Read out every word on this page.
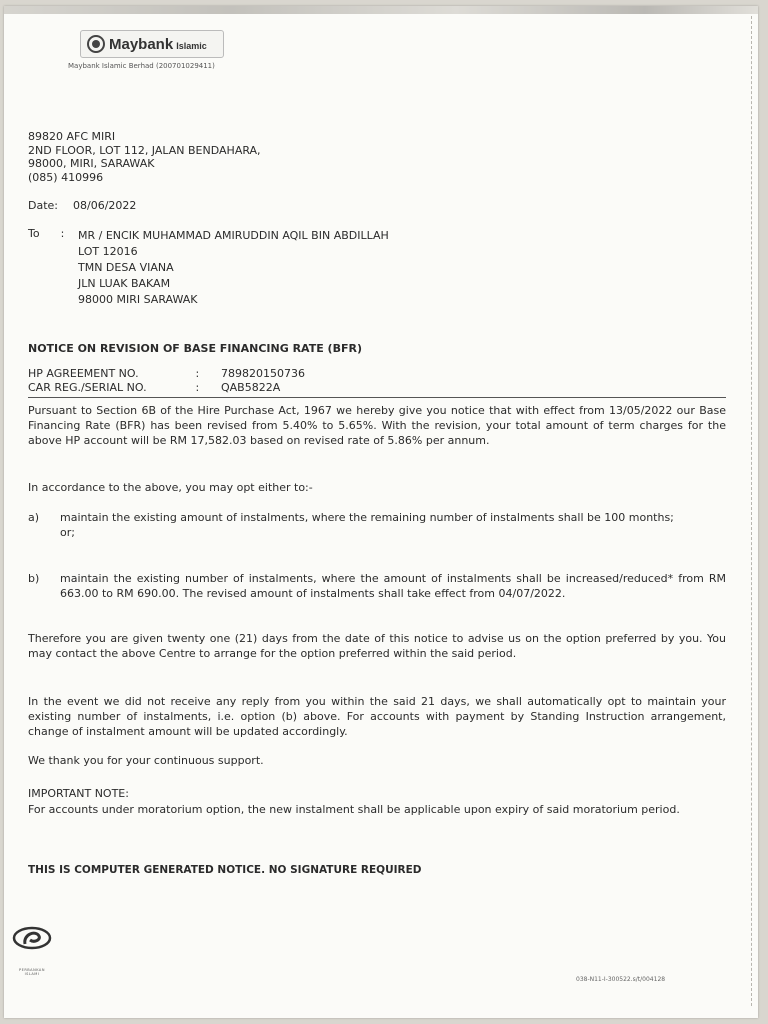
Maybank Islamic
Maybank Islamic Berhad (200701029411)
89820 AFC MIRI
2ND FLOOR, LOT 112, JALAN BENDAHARA,
98000, MIRI, SARAWAK
(085) 410996
Date: 08/06/2022
To : MR / ENCIK MUHAMMAD AMIRUDDIN AQIL BIN ABDILLAH
LOT 12016
TMN DESA VIANA
JLN LUAK BAKAM
98000 MIRI SARAWAK
NOTICE ON REVISION OF BASE FINANCING RATE (BFR)
HP AGREEMENT NO.	: 789820150736
CAR REG./SERIAL NO.	: QAB5822A
Pursuant to Section 6B of the Hire Purchase Act, 1967 we hereby give you notice that with effect from 13/05/2022 our Base Financing Rate (BFR) has been revised from 5.40% to 5.65%. With the revision, your total amount of term charges for the above HP account will be RM 17,582.03 based on revised rate of 5.86% per annum.
In accordance to the above, you may opt either to:-
a) maintain the existing amount of instalments, where the remaining number of instalments shall be 100 months;
or;
b) maintain the existing number of instalments, where the amount of instalments shall be increased/reduced* from RM 663.00 to RM 690.00. The revised amount of instalments shall take effect from 04/07/2022.
Therefore you are given twenty one (21) days from the date of this notice to advise us on the option preferred by you. You may contact the above Centre to arrange for the option preferred within the said period.
In the event we did not receive any reply from you within the said 21 days, we shall automatically opt to maintain your existing number of instalments, i.e. option (b) above. For accounts with payment by Standing Instruction arrangement, change of instalment amount will be updated accordingly.
We thank you for your continuous support.
IMPORTANT NOTE:
For accounts under moratorium option, the new instalment shall be applicable upon expiry of said moratorium period.
THIS IS COMPUTER GENERATED NOTICE. NO SIGNATURE REQUIRED
PERBANKAN ISLAMI
038-N11-I-300522.s/t/004128
